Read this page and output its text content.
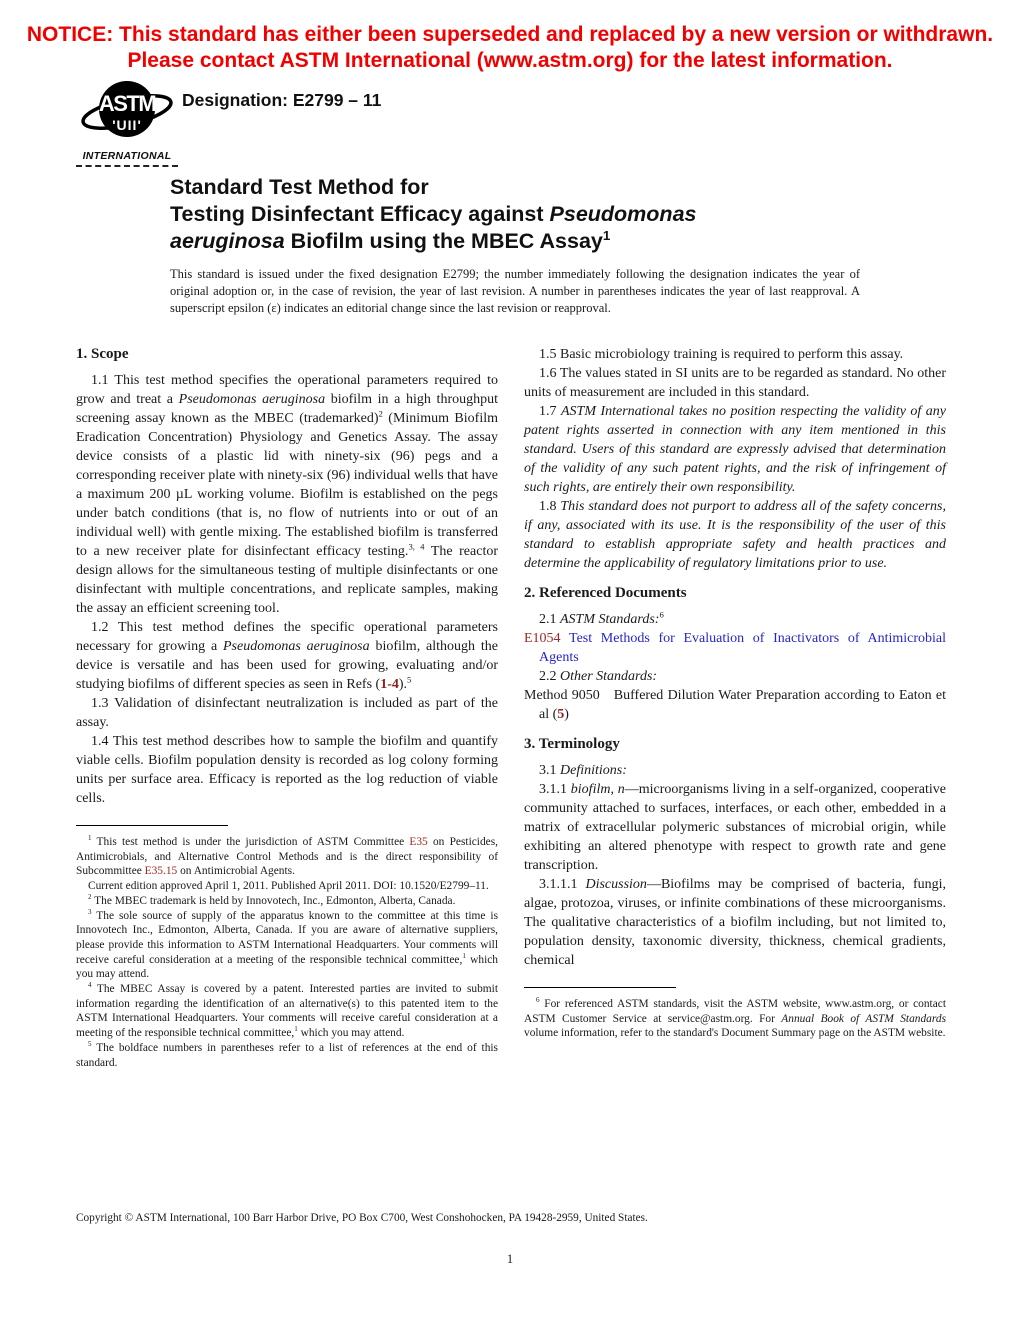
NOTICE: This standard has either been superseded and replaced by a new version or withdrawn.
Please contact ASTM International (www.astm.org) for the latest information.
ASTM
'UII'
INTERNATIONAL
Designation: E2799 – 11
Standard Test Method for
Testing Disinfectant Efficacy against Pseudomonas
aeruginosa Biofilm using the MBEC Assay$^1$
This standard is issued under the fixed designation E2799; the number immediately following the designation indicates the year of original adoption or, in the case of revision, the year of last revision. A number in parentheses indicates the year of last reapproval. A superscript epsilon (ε) indicates an editorial change since the last revision or reapproval.
1. Scope

1.1 This test method specifies the operational parameters required to grow and treat a Pseudomonas aeruginosa biofilm in a high throughput screening assay known as the MBEC (trademarked)$^2$ (Minimum Biofilm Eradication Concentration) Physiology and Genetics Assay. The assay device consists of a plastic lid with ninety-six (96) pegs and a corresponding receiver plate with ninety-six (96) individual wells that have a maximum 200 µL working volume. Biofilm is established on the pegs under batch conditions (that is, no flow of nutrients into or out of an individual well) with gentle mixing. The established biofilm is transferred to a new receiver plate for disinfectant efficacy testing.$^{3, 4}$ The reactor design allows for the simultaneous testing of multiple disinfectants or one disinfectant with multiple concentrations, and replicate samples, making the assay an efficient screening tool.

1.2 This test method defines the specific operational parameters necessary for growing a Pseudomonas aeruginosa biofilm, although the device is versatile and has been used for growing, evaluating and/or studying biofilms of different species as seen in Refs (1-4).$^5$

1.3 Validation of disinfectant neutralization is included as part of the assay.

1.4 This test method describes how to sample the biofilm and quantify viable cells. Biofilm population density is recorded as log colony forming units per surface area. Efficacy is reported as the log reduction of viable cells.

$^1$ This test method is under the jurisdiction of ASTM Committee E35 on Pesticides, Antimicrobials, and Alternative Control Methods and is the direct responsibility of Subcommittee E35.15 on Antimicrobial Agents.

Current edition approved April 1, 2011. Published April 2011. DOI: 10.1520/E2799–11.

$^2$ The MBEC trademark is held by Innovotech, Inc., Edmonton, Alberta, Canada.

$^3$ The sole source of supply of the apparatus known to the committee at this time is Innovotech Inc., Edmonton, Alberta, Canada. If you are aware of alternative suppliers, please provide this information to ASTM International Headquarters. Your comments will receive careful consideration at a meeting of the responsible technical committee,$^1$ which you may attend.

$^4$ The MBEC Assay is covered by a patent. Interested parties are invited to submit information regarding the identification of an alternative(s) to this patented item to the ASTM International Headquarters. Your comments will receive careful consideration at a meeting of the responsible technical committee,$^1$ which you may attend.

$^5$ The boldface numbers in parentheses refer to a list of references at the end of this standard.

1.5 Basic microbiology training is required to perform this assay.

1.6 The values stated in SI units are to be regarded as standard. No other units of measurement are included in this standard.

1.7 ASTM International takes no position respecting the validity of any patent rights asserted in connection with any item mentioned in this standard. Users of this standard are expressly advised that determination of the validity of any such patent rights, and the risk of infringement of such rights, are entirely their own responsibility.

1.8 This standard does not purport to address all of the safety concerns, if any, associated with its use. It is the responsibility of the user of this standard to establish appropriate safety and health practices and determine the applicability of regulatory limitations prior to use.

2. Referenced Documents

2.1 ASTM Standards:$^6$

E1054 Test Methods for Evaluation of Inactivators of Antimicrobial Agents

2.2 Other Standards:

Method 9050 Buffered Dilution Water Preparation according to Eaton et al (5)

3. Terminology

3.1 Definitions:

3.1.1 biofilm, n—microorganisms living in a self-organized, cooperative community attached to surfaces, interfaces, or each other, embedded in a matrix of extracellular polymeric substances of microbial origin, while exhibiting an altered phenotype with respect to growth rate and gene transcription.

3.1.1.1 Discussion—Biofilms may be comprised of bacteria, fungi, algae, protozoa, viruses, or infinite combinations of these microorganisms. The qualitative characteristics of a biofilm including, but not limited to, population density, taxonomic diversity, thickness, chemical gradients, chemical

$^6$ For referenced ASTM standards, visit the ASTM website, www.astm.org, or contact ASTM Customer Service at service@astm.org. For Annual Book of ASTM Standards volume information, refer to the standard's Document Summary page on the ASTM website.

Copyright © ASTM International, 100 Barr Harbor Drive, PO Box C700, West Conshohocken, PA 19428-2959, United States.
1
